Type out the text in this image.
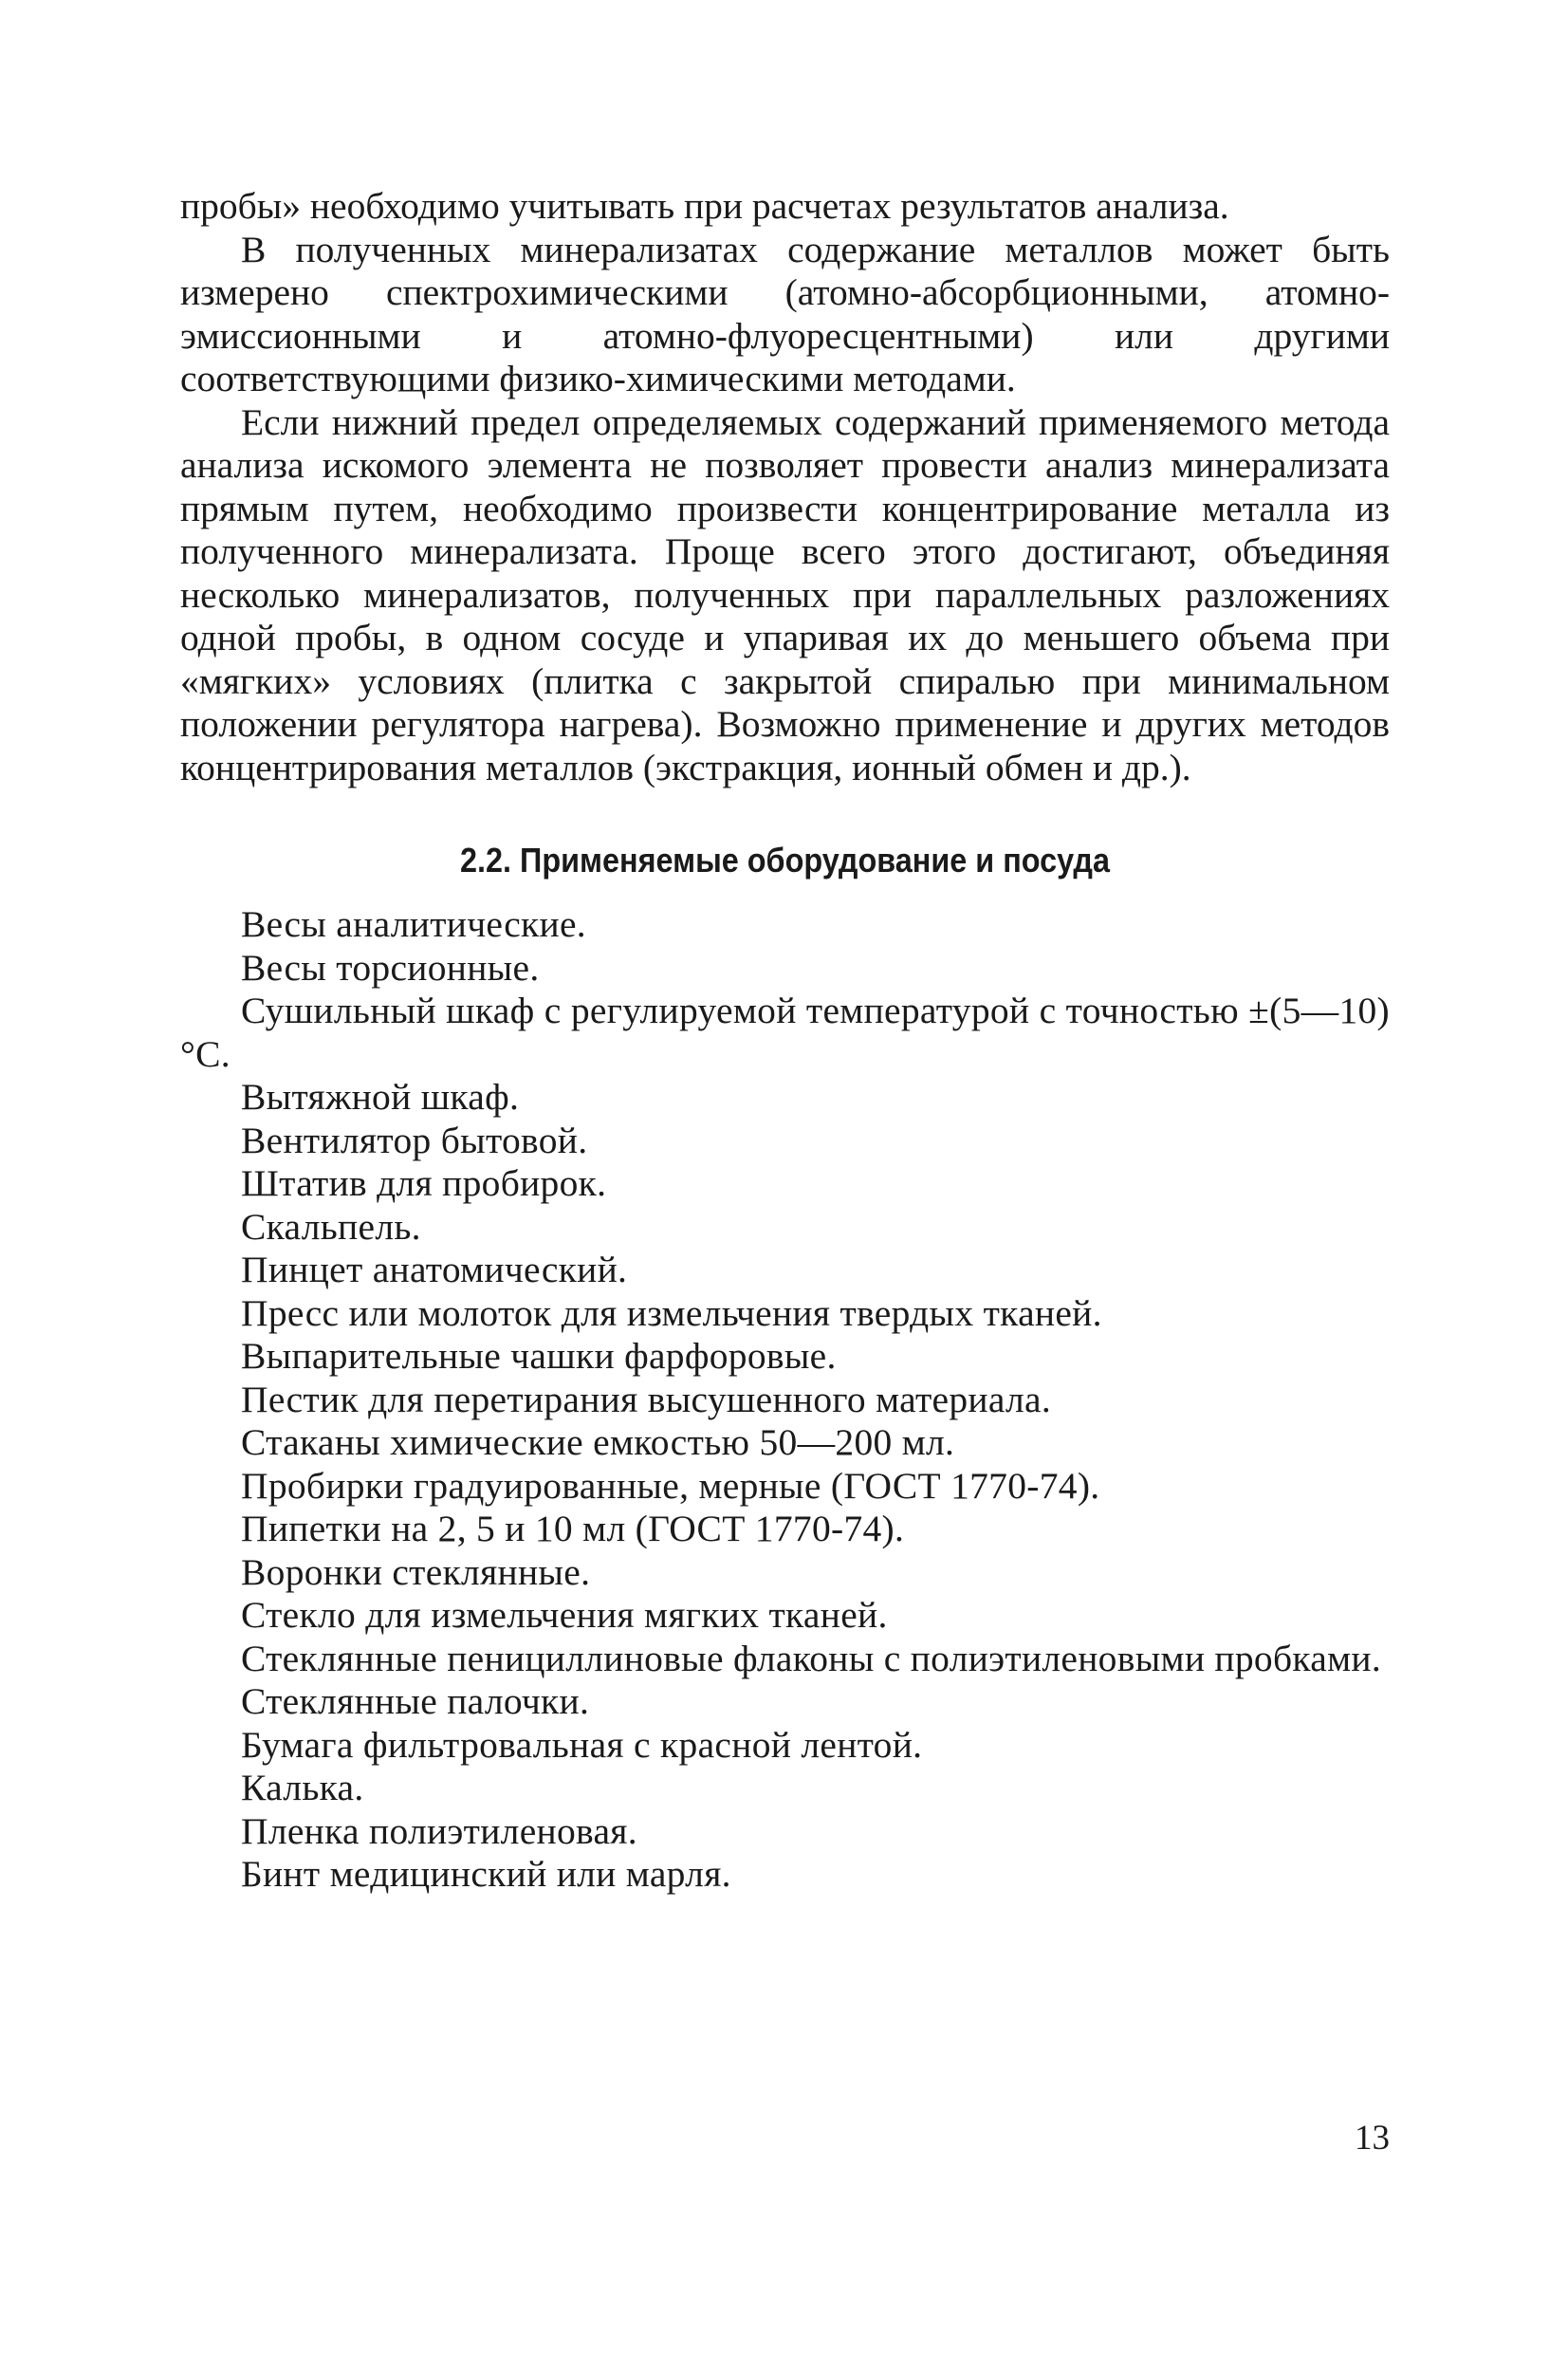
пробы» необходимо учитывать при расчетах результатов анализа.

В полученных минерализатах содержание металлов может быть измерено спектрохимическими (атомно-абсорбционными, атомно-эмиссионными и атомно-флуоресцентными) или другими соответствующими физико-химическими методами.

Если нижний предел определяемых содержаний применяемого метода анализа искомого элемента не позволяет провести анализ минерализата прямым путем, необходимо произвести концентрирование металла из полученного минерализата. Проще всего этого достигают, объединяя несколько минерализатов, полученных при параллельных разложениях одной пробы, в одном сосуде и упаривая их до меньшего объема при «мягких» условиях (плитка с закрытой спиралью при минимальном положении регулятора нагрева). Возможно применение и других методов концентрирования металлов (экстракция, ионный обмен и др.).

2.2. Применяемые оборудование и посуда
Весы аналитические.
Весы торсионные.
Сушильный шкаф с регулируемой температурой с точностью ±(5—10)°С.
Вытяжной шкаф.
Вентилятор бытовой.
Штатив для пробирок.
Скальпель.
Пинцет анатомический.
Пресс или молоток для измельчения твердых тканей.
Выпарительные чашки фарфоровые.
Пестик для перетирания высушенного материала.
Стаканы химические емкостью 50—200 мл.
Пробирки градуированные, мерные (ГОСТ 1770-74).
Пипетки на 2, 5 и 10 мл (ГОСТ 1770-74).
Воронки стеклянные.
Стекло для измельчения мягких тканей.
Стеклянные пенициллиновые флаконы с полиэтиленовыми пробками.
Стеклянные палочки.
Бумага фильтровальная с красной лентой.
Калька.
Пленка полиэтиленовая.
Бинт медицинский или марля.
13
